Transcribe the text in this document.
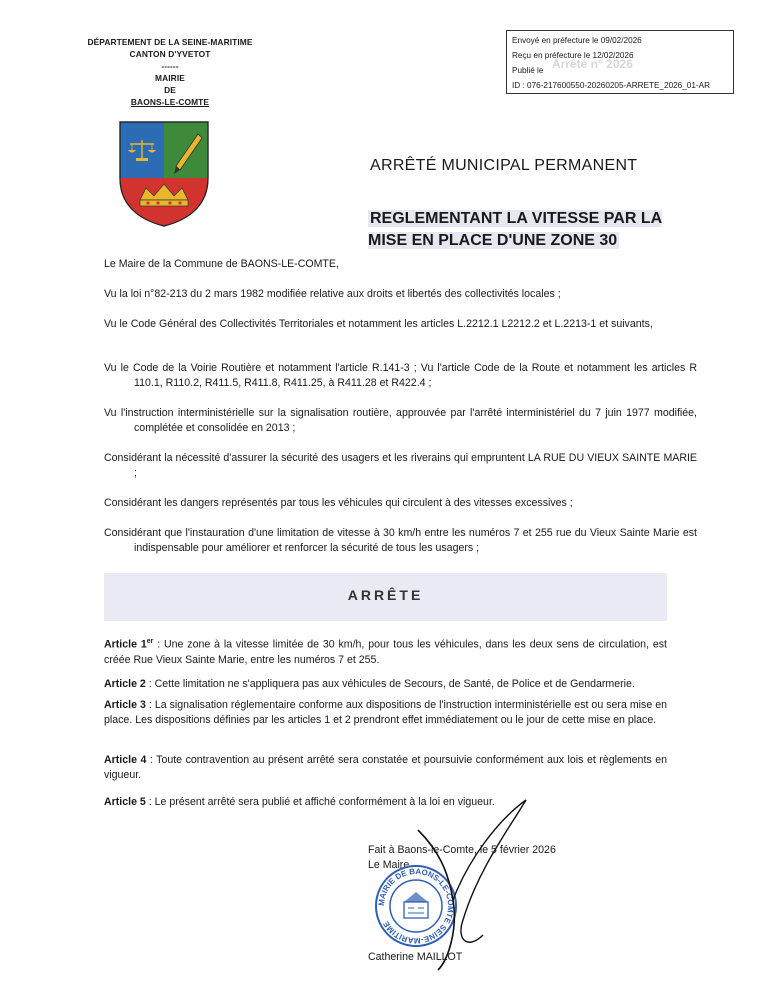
DÉPARTEMENT DE LA SEINE-MARITIME
CANTON D'YVETOT
------
MAIRIE
DE
BAONS-LE-COMTE
Envoyé en préfecture le 09/02/2026
Reçu en préfecture le 12/02/2026
Publié le Arrêté n° 2026
ID : 076-217600550-20260205-ARRETE_2026_01-AR
ARRÊTÉ MUNICIPAL PERMANENT
REGLEMENTANT LA VITESSE PAR LA MISE EN PLACE D'UNE ZONE 30
Le Maire de la Commune de BAONS-LE-COMTE,
Vu la loi n°82-213 du 2 mars 1982 modifiée relative aux droits et libertés des collectivités locales ;
Vu le Code Général des Collectivités Territoriales et notamment les articles L.2212.1 L2212.2 et L.2213-1 et suivants,
Vu le Code de la Voirie Routière et notamment l'article R.141-3 ; Vu l'article Code de la Route et notamment les articles R 110.1, R110.2, R411.5, R411.8, R411.25, à R411.28 et R422.4 ;
Vu l'instruction interministérielle sur la signalisation routière, approuvée par l'arrêté interministériel du 7 juin 1977 modifiée, complétée et consolidée en 2013 ;
Considérant la nécessité d'assurer la sécurité des usagers et les riverains qui empruntent LA RUE DU VIEUX SAINTE MARIE ;
Considérant les dangers représentés par tous les véhicules qui circulent à des vitesses excessives ;
Considérant que l'instauration d'une limitation de vitesse à 30 km/h entre les numéros 7 et 255 rue du Vieux Sainte Marie est indispensable pour améliorer et renforcer la sécurité de tous les usagers ;
ARRÊTE
Article 1er : Une zone à la vitesse limitée de 30 km/h, pour tous les véhicules, dans les deux sens de circulation, est créée Rue Vieux Sainte Marie, entre les numéros 7 et 255.
Article 2 : Cette limitation ne s'appliquera pas aux véhicules de Secours, de Santé, de Police et de Gendarmerie.
Article 3 : La signalisation réglementaire conforme aux dispositions de l'instruction interministérielle est ou sera mise en place. Les dispositions définies par les articles 1 et 2 prendront effet immédiatement ou le jour de cette mise en place.
Article 4 : Toute contravention au présent arrêté sera constatée et poursuivie conformément aux lois et règlements en vigueur.
Article 5 : Le présent arrêté sera publié et affiché conformément à la loi en vigueur.
Fait à Baons-le-Comte, le 5 février 2026
Le Maire
MAIRIE DE BAONS-LE-COMTE SEINE-MARITIME
Catherine MAILLOT
